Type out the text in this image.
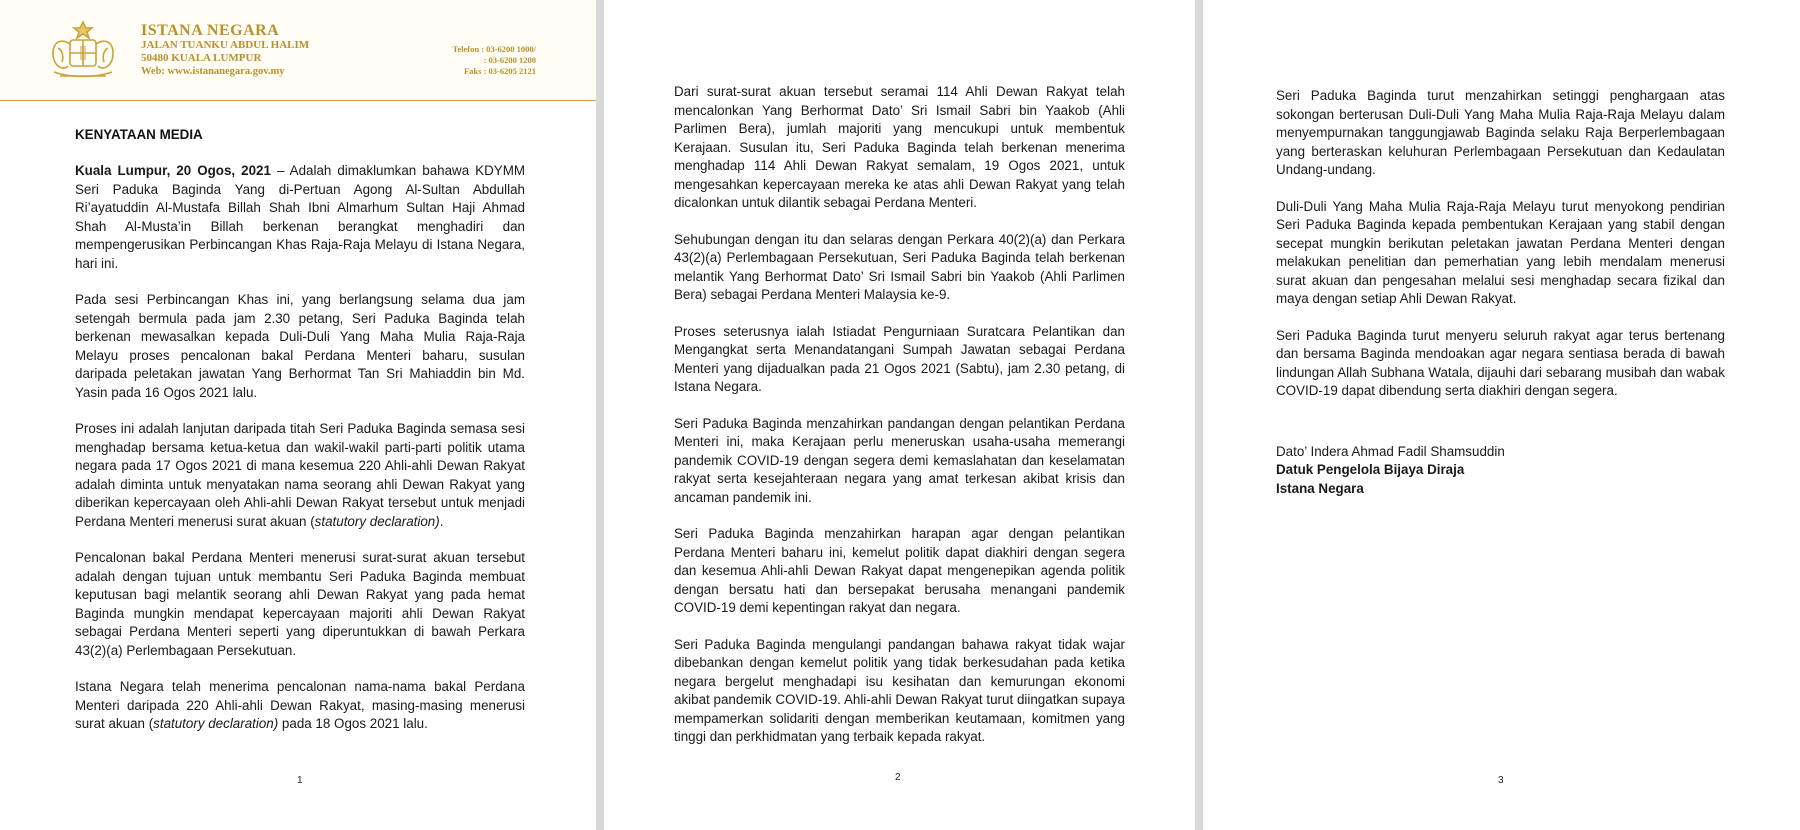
ISTANA NEGARA
JALAN TUANKU ABDUL HALIM
50480 KUALA LUMPUR
Web: www.istananegara.gov.my
Telefon : 03-6200 1000/
: 03-6200 1200
Faks : 03-6205 2121
KENYATAAN MEDIA

Kuala Lumpur, 20 Ogos, 2021 – Adalah dimaklumkan bahawa KDYMM Seri Paduka Baginda Yang di-Pertuan Agong Al-Sultan Abdullah Ri’ayatuddin Al-Mustafa Billah Shah Ibni Almarhum Sultan Haji Ahmad Shah Al-Musta’in Billah berkenan berangkat menghadiri dan mempengerusikan Perbincangan Khas Raja-Raja Melayu di Istana Negara, hari ini.

Pada sesi Perbincangan Khas ini, yang berlangsung selama dua jam setengah bermula pada jam 2.30 petang, Seri Paduka Baginda telah berkenan mewasalkan kepada Duli-Duli Yang Maha Mulia Raja-Raja Melayu proses pencalonan bakal Perdana Menteri baharu, susulan daripada peletakan jawatan Yang Berhormat Tan Sri Mahiaddin bin Md. Yasin pada 16 Ogos 2021 lalu.

Proses ini adalah lanjutan daripada titah Seri Paduka Baginda semasa sesi menghadap bersama ketua-ketua dan wakil-wakil parti-parti politik utama negara pada 17 Ogos 2021 di mana kesemua 220 Ahli-ahli Dewan Rakyat adalah diminta untuk menyatakan nama seorang ahli Dewan Rakyat yang diberikan kepercayaan oleh Ahli-ahli Dewan Rakyat tersebut untuk menjadi Perdana Menteri menerusi surat akuan (statutory declaration).

Pencalonan bakal Perdana Menteri menerusi surat-surat akuan tersebut adalah dengan tujuan untuk membantu Seri Paduka Baginda membuat keputusan bagi melantik seorang ahli Dewan Rakyat yang pada hemat Baginda mungkin mendapat kepercayaan majoriti ahli Dewan Rakyat sebagai Perdana Menteri seperti yang diperuntukkan di bawah Perkara 43(2)(a) Perlembagaan Persekutuan.

Istana Negara telah menerima pencalonan nama-nama bakal Perdana Menteri daripada 220 Ahli-ahli Dewan Rakyat, masing-masing menerusi surat akuan (statutory declaration) pada 18 Ogos 2021 lalu.

1

Dari surat-surat akuan tersebut seramai 114 Ahli Dewan Rakyat telah mencalonkan Yang Berhormat Dato’ Sri Ismail Sabri bin Yaakob (Ahli Parlimen Bera), jumlah majoriti yang mencukupi untuk membentuk Kerajaan. Susulan itu, Seri Paduka Baginda telah berkenan menerima menghadap 114 Ahli Dewan Rakyat semalam, 19 Ogos 2021, untuk mengesahkan kepercayaan mereka ke atas ahli Dewan Rakyat yang telah dicalonkan untuk dilantik sebagai Perdana Menteri.

Sehubungan dengan itu dan selaras dengan Perkara 40(2)(a) dan Perkara 43(2)(a) Perlembagaan Persekutuan, Seri Paduka Baginda telah berkenan melantik Yang Berhormat Dato’ Sri Ismail Sabri bin Yaakob (Ahli Parlimen Bera) sebagai Perdana Menteri Malaysia ke-9.

Proses seterusnya ialah Istiadat Pengurniaan Suratcara Pelantikan dan Mengangkat serta Menandatangani Sumpah Jawatan sebagai Perdana Menteri yang dijadualkan pada 21 Ogos 2021 (Sabtu), jam 2.30 petang, di Istana Negara.

Seri Paduka Baginda menzahirkan pandangan dengan pelantikan Perdana Menteri ini, maka Kerajaan perlu meneruskan usaha-usaha memerangi pandemik COVID-19 dengan segera demi kemaslahatan dan keselamatan rakyat serta kesejahteraan negara yang amat terkesan akibat krisis dan ancaman pandemik ini.

Seri Paduka Baginda menzahirkan harapan agar dengan pelantikan Perdana Menteri baharu ini, kemelut politik dapat diakhiri dengan segera dan kesemua Ahli-ahli Dewan Rakyat dapat mengenepikan agenda politik dengan bersatu hati dan bersepakat berusaha menangani pandemik COVID-19 demi kepentingan rakyat dan negara.

Seri Paduka Baginda mengulangi pandangan bahawa rakyat tidak wajar dibebankan dengan kemelut politik yang tidak berkesudahan pada ketika negara bergelut menghadapi isu kesihatan dan kemurungan ekonomi akibat pandemik COVID-19. Ahli-ahli Dewan Rakyat turut diingatkan supaya mempamerkan solidariti dengan memberikan keutamaan, komitmen yang tinggi dan perkhidmatan yang terbaik kepada rakyat.

2

Seri Paduka Baginda turut menzahirkan setinggi penghargaan atas sokongan berterusan Duli-Duli Yang Maha Mulia Raja-Raja Melayu dalam menyempurnakan tanggungjawab Baginda selaku Raja Berperlembagaan yang berteraskan keluhuran Perlembagaan Persekutuan dan Kedaulatan Undang-undang.

Duli-Duli Yang Maha Mulia Raja-Raja Melayu turut menyokong pendirian Seri Paduka Baginda kepada pembentukan Kerajaan yang stabil dengan secepat mungkin berikutan peletakan jawatan Perdana Menteri dengan melakukan penelitian dan pemerhatian yang lebih mendalam menerusi surat akuan dan pengesahan melalui sesi menghadap secara fizikal dan maya dengan setiap Ahli Dewan Rakyat.

Seri Paduka Baginda turut menyeru seluruh rakyat agar terus bertenang dan bersama Baginda mendoakan agar negara sentiasa berada di bawah lindungan Allah Subhana Watala, dijauhi dari sebarang musibah dan wabak COVID-19 dapat dibendung serta diakhiri dengan segera.

Dato’ Indera Ahmad Fadil Shamsuddin
Datuk Pengelola Bijaya Diraja
Istana Negara
3
